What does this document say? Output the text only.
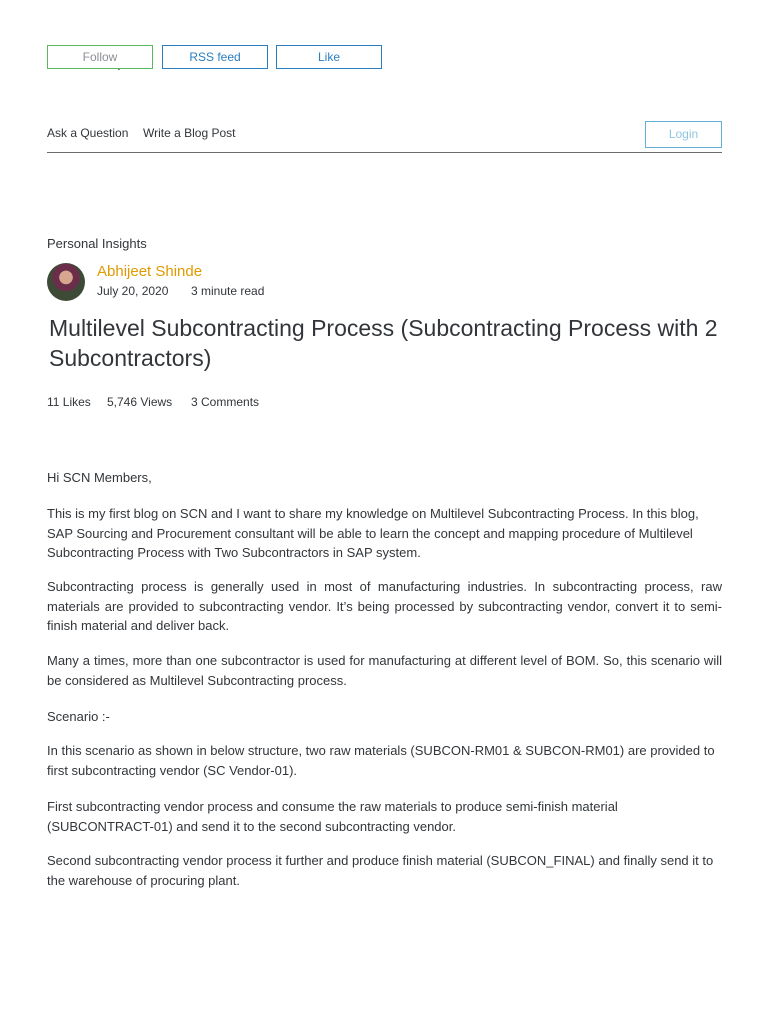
Follow	RSS feed	Like
Ask a Question Write a Blog Post	Login
Personal Insights
Abhijeet Shinde
July 20, 2020 3 minute read
Multilevel Subcontracting Process (Subcontracting Process with 2 Subcontractors)
11 Likes 5,746 Views 3 Comments

Hi SCN Members,

This is my first blog on SCN and I want to share my knowledge on Multilevel Subcontracting Process. In this blog, SAP Sourcing and Procurement consultant will be able to learn the concept and mapping procedure of Multilevel Subcontracting Process with Two Subcontractors in SAP system.

Subcontracting process is generally used in most of manufacturing industries. In subcontracting process, raw materials are provided to subcontracting vendor. It’s being processed by subcontracting vendor, convert it to semi-finish material and deliver back.

Many a times, more than one subcontractor is used for manufacturing at different level of BOM. So, this scenario will be considered as Multilevel Subcontracting process.

Scenario :-

In this scenario as shown in below structure, two raw materials (SUBCON-RM01 & SUBCON-RM01) are provided to first subcontracting vendor (SC Vendor-01).

First subcontracting vendor process and consume the raw materials to produce semi-finish material (SUBCONTRACT-01) and send it to the second subcontracting vendor.

Second subcontracting vendor process it further and produce finish material (SUBCON_FINAL) and finally send it to the warehouse of procuring plant.
